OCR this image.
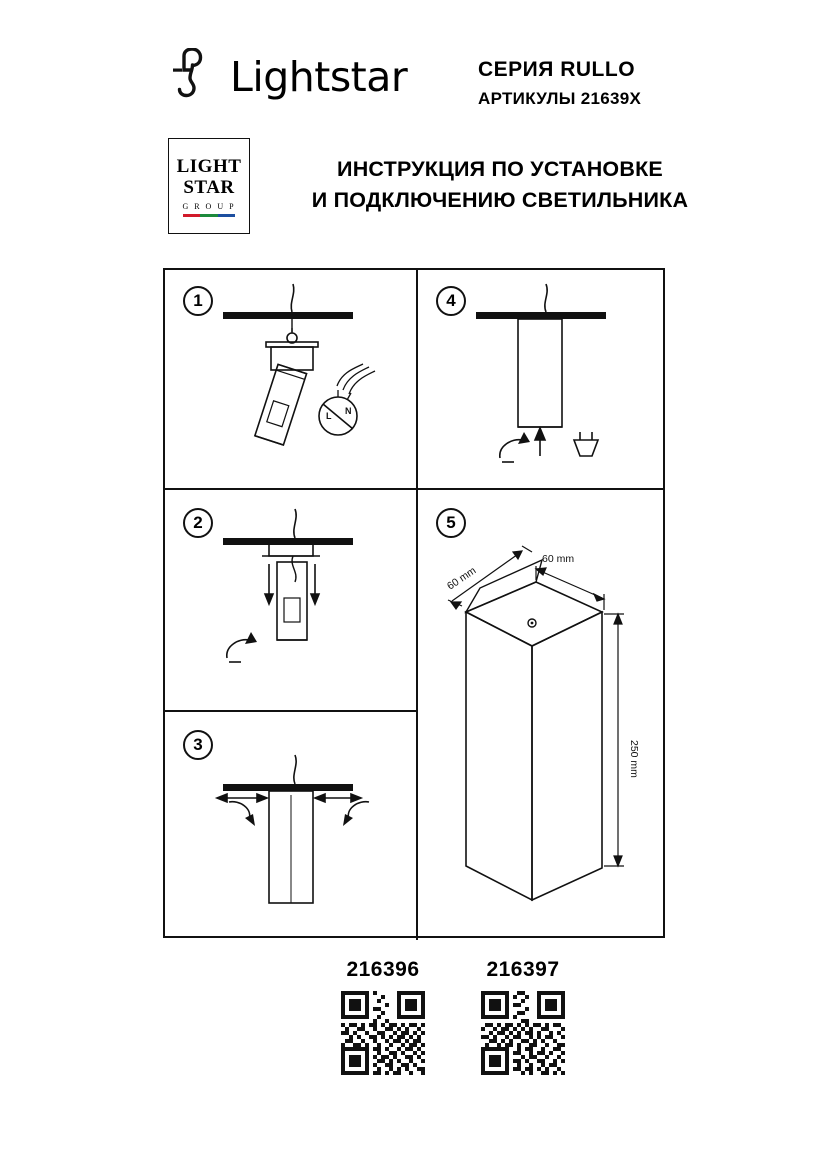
Lightstar	СЕРИЯ RULLO
АРТИКУЛЫ 21639X
LIGHT
STAR
G R O U P
ИНСТРУКЦИЯ ПО УСТАНОВКЕ
И ПОДКЛЮЧЕНИЮ СВЕТИЛЬНИКА
1
L N
2
3
4
5
60 mm
60 mm
250 mm
216396	216397
